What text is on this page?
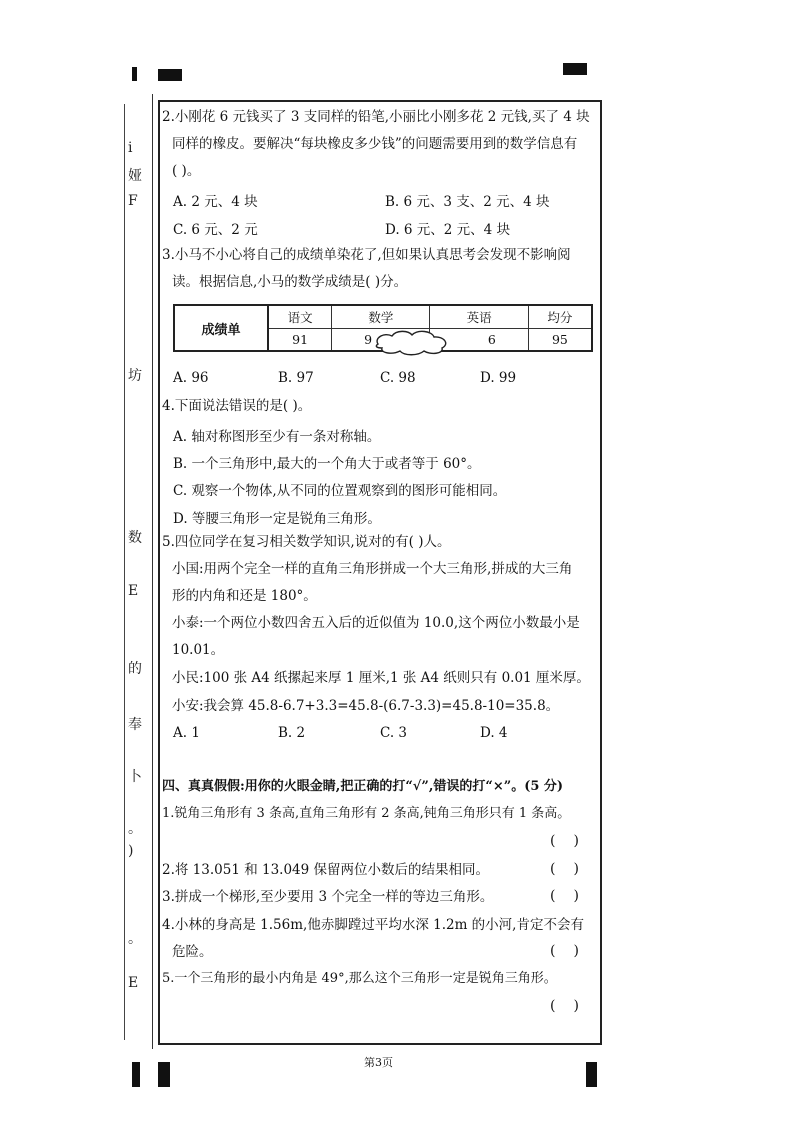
i
娅
F
坊
数
E
的
奉
卜
。
)
。
E
2.小刚花 6 元钱买了 3 支同样的铅笔,小丽比小刚多花 2 元钱,买了 4 块
同样的橡皮。要解决“每块橡皮多少钱”的问题需要用到的数学信息有
( )。
A. 2 元、4 块	B. 6 元、3 支、2 元、4 块
C. 6 元、2 元	D. 6 元、2 元、4 块
3.小马不小心将自己的成绩单染花了,但如果认真思考会发现不影响阅
读。根据信息,小马的数学成绩是( )分。
成绩单	语文	数学	英语	均分
	91	9	6	95
A. 96	B. 97	C. 98	D. 99
4.下面说法错误的是( )。
A. 轴对称图形至少有一条对称轴。
B. 一个三角形中,最大的一个角大于或者等于 60°。
C. 观察一个物体,从不同的位置观察到的图形可能相同。
D. 等腰三角形一定是锐角三角形。
5.四位同学在复习相关数学知识,说对的有( )人。
小国:用两个完全一样的直角三角形拼成一个大三角形,拼成的大三角
形的内角和还是 180°。
小泰:一个两位小数四舍五入后的近似值为 10.0,这个两位小数最小是
10.01。
小民:100 张 A4 纸摞起来厚 1 厘米,1 张 A4 纸则只有 0.01 厘米厚。
小安:我会算 45.8-6.7+3.3=45.8-(6.7-3.3)=45.8-10=35.8。
A. 1	B. 2	C. 3	D. 4
四、真真假假:用你的火眼金睛,把正确的打“√”,错误的打“×”。(5 分)
1.锐角三角形有 3 条高,直角三角形有 2 条高,钝角三角形只有 1 条高。
()
2.将 13.051 和 13.049 保留两位小数后的结果相同。	()
3.拼成一个梯形,至少要用 3 个完全一样的等边三角形。	()
4.小林的身高是 1.56m,他赤脚蹚过平均水深 1.2m 的小河,肯定不会有
危险。	()
5.一个三角形的最小内角是 49°,那么这个三角形一定是锐角三角形。
()
第3页
